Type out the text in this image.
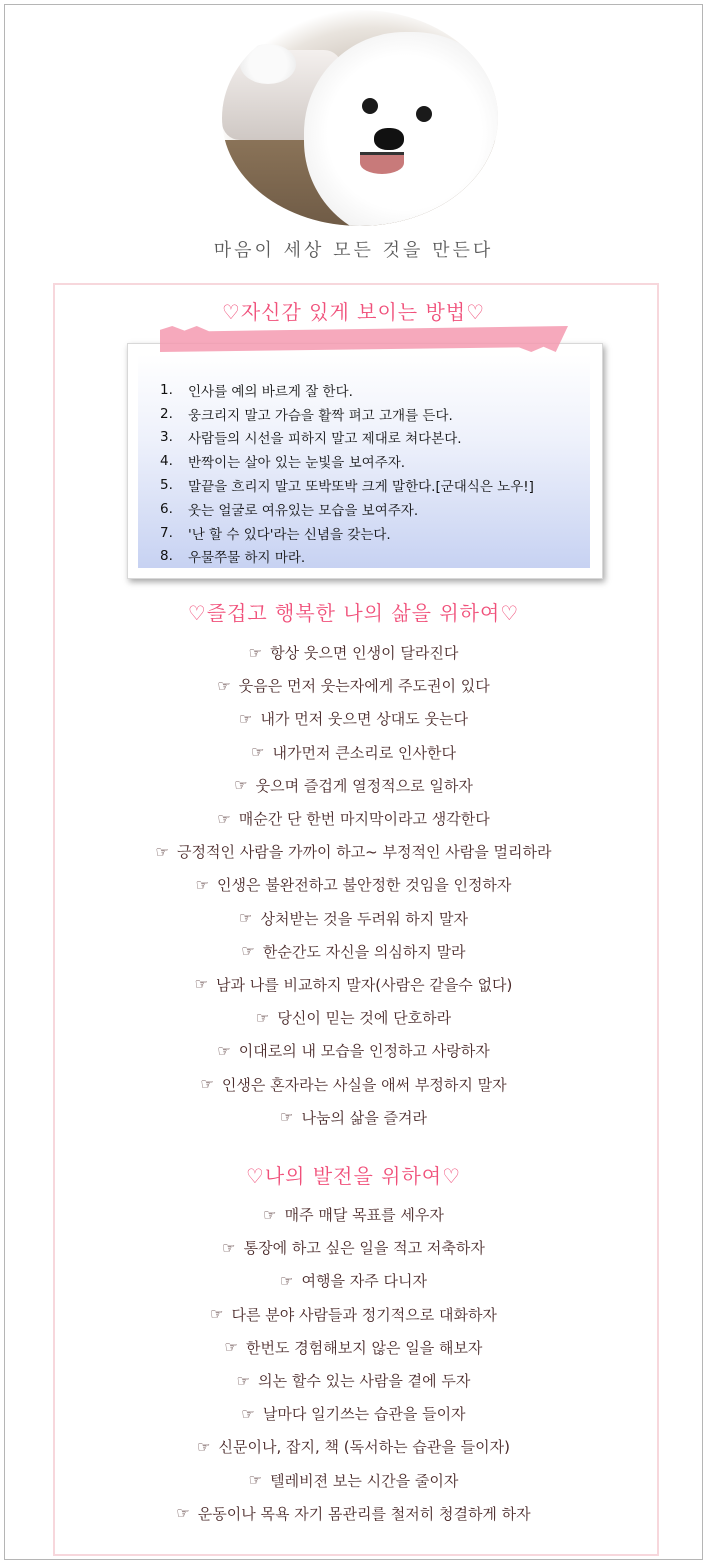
마음이 세상 모든 것을 만든다
♡자신감 있게 보이는 방법♡
1.	인사를 예의 바르게 잘 한다.
2.	웅크리지 말고 가슴을 활짝 펴고 고개를 든다.
3.	사람들의 시선을 피하지 말고 제대로 쳐다본다.
4.	반짝이는 살아 있는 눈빛을 보여주자.
5.	말끝을 흐리지 말고 또박또박 크게 말한다.[군대식은 노우!]
6.	웃는 얼굴로 여유있는 모습을 보여주자.
7.	'난 할 수 있다'라는 신념을 갖는다.
8.	우물쭈물 하지 마라.
♡즐겁고 행복한 나의 삶을 위하여♡
☞ 항상 웃으면 인생이 달라진다
☞ 웃음은 먼저 웃는자에게 주도권이 있다
☞ 내가 먼저 웃으면 상대도 웃는다
☞ 내가먼저 큰소리로 인사한다
☞ 웃으며 즐겁게 열정적으로 일하자
☞ 매순간 단 한번 마지막이라고 생각한다
☞ 긍정적인 사람을 가까이 하고~ 부정적인 사람을 멀리하라
☞ 인생은 불완전하고 불안정한 것임을 인정하자
☞ 상처받는 것을 두려워 하지 말자
☞ 한순간도 자신을 의심하지 말라
☞ 남과 나를 비교하지 말자(사람은 같을수 없다)
☞ 당신이 믿는 것에 단호하라
☞ 이대로의 내 모습을 인정하고 사랑하자
☞ 인생은 혼자라는 사실을 애써 부정하지 말자
☞ 나눔의 삶을 즐겨라
♡나의 발전을 위하여♡
☞ 매주 매달 목표를 세우자
☞ 통장에 하고 싶은 일을 적고 저축하자
☞ 여행을 자주 다니자
☞ 다른 분야 사람들과 정기적으로 대화하자
☞ 한번도 경험해보지 않은 일을 해보자
☞ 의논 할수 있는 사람을 곁에 두자
☞ 날마다 일기쓰는 습관을 들이자
☞ 신문이나, 잡지, 책 (독서하는 습관을 들이자)
☞ 텔레비젼 보는 시간을 줄이자
☞ 운동이나 목욕 자기 몸관리를 철저히 청결하게 하자
